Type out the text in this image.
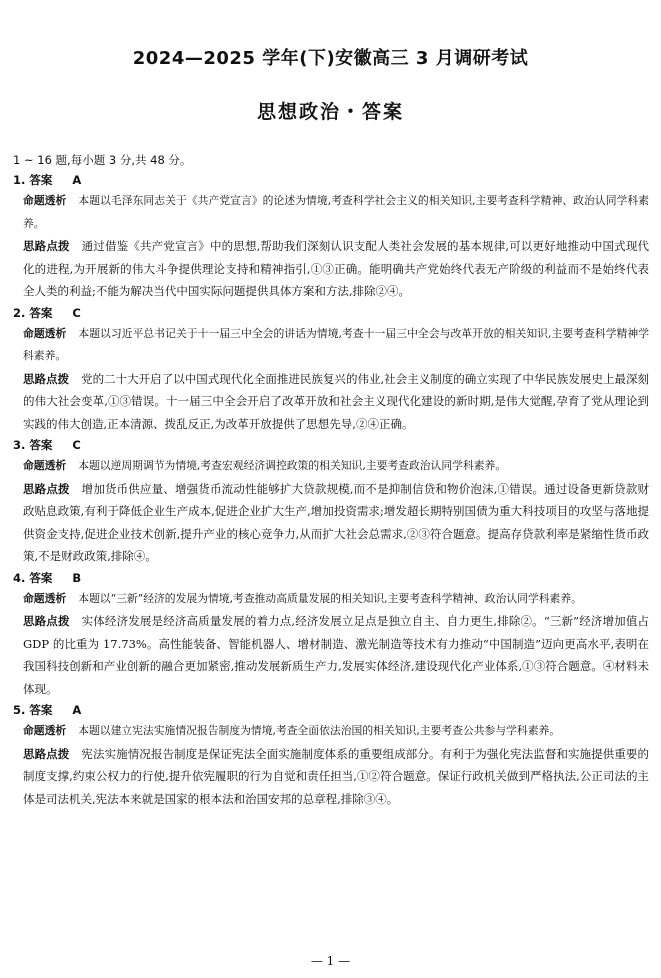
2024—2025 学年(下)安徽高三 3 月调研考试
思想政治・答案
1 ~ 16 题,每小题 3 分,共 48 分。
1. 答案 A

命题透析 本题以毛泽东同志关于《共产党宣言》的论述为情境,考查科学社会主义的相关知识,主要考查科学精神、政治认同学科素养。

思路点拨 通过借鉴《共产党宣言》中的思想,帮助我们深刻认识支配人类社会发展的基本规律,可以更好地推动中国式现代化的进程,为开展新的伟大斗争提供理论支持和精神指引,①③正确。能明确共产党始终代表无产阶级的利益而不是始终代表全人类的利益;不能为解决当代中国实际问题提供具体方案和方法,排除②④。

2. 答案 C

命题透析 本题以习近平总书记关于十一届三中全会的讲话为情境,考查十一届三中全会与改革开放的相关知识,主要考查科学精神学科素养。

思路点拨 党的二十大开启了以中国式现代化全面推进民族复兴的伟业,社会主义制度的确立实现了中华民族发展史上最深刻的伟大社会变革,①③错误。十一届三中全会开启了改革开放和社会主义现代化建设的新时期,是伟大觉醒,孕育了党从理论到实践的伟大创造,正本清源、拨乱反正,为改革开放提供了思想先导,②④正确。

3. 答案 C

命题透析 本题以逆周期调节为情境,考查宏观经济调控政策的相关知识,主要考查政治认同学科素养。

思路点拨 增加货币供应量、增强货币流动性能够扩大贷款规模,而不是抑制信贷和物价泡沫,①错误。通过设备更新贷款财政贴息政策,有利于降低企业生产成本,促进企业扩大生产,增加投资需求;增发超长期特别国债为重大科技项目的攻坚与落地提供资金支持,促进企业技术创新,提升产业的核心竞争力,从而扩大社会总需求,②③符合题意。提高存贷款利率是紧缩性货币政策,不是财政政策,排除④。

4. 答案 B

命题透析 本题以“三新”经济的发展为情境,考查推动高质量发展的相关知识,主要考查科学精神、政治认同学科素养。

思路点拨 实体经济发展是经济高质量发展的着力点,经济发展立足点是独立自主、自力更生,排除②。“三新”经济增加值占 GDP 的比重为 17.73%。高性能装备、智能机器人、增材制造、激光制造等技术有力推动“中国制造”迈向更高水平,表明在我国科技创新和产业创新的融合更加紧密,推动发展新质生产力,发展实体经济,建设现代化产业体系,①③符合题意。④材料未体现。

5. 答案 A

命题透析 本题以建立宪法实施情况报告制度为情境,考查全面依法治国的相关知识,主要考查公共参与学科素养。

思路点拨 宪法实施情况报告制度是保证宪法全面实施制度体系的重要组成部分。有利于为强化宪法监督和实施提供重要的制度支撑,约束公权力的行使,提升依宪履职的行为自觉和责任担当,①②符合题意。保证行政机关做到严格执法,公正司法的主体是司法机关,宪法本来就是国家的根本法和治国安邦的总章程,排除③④。

— 1 —
